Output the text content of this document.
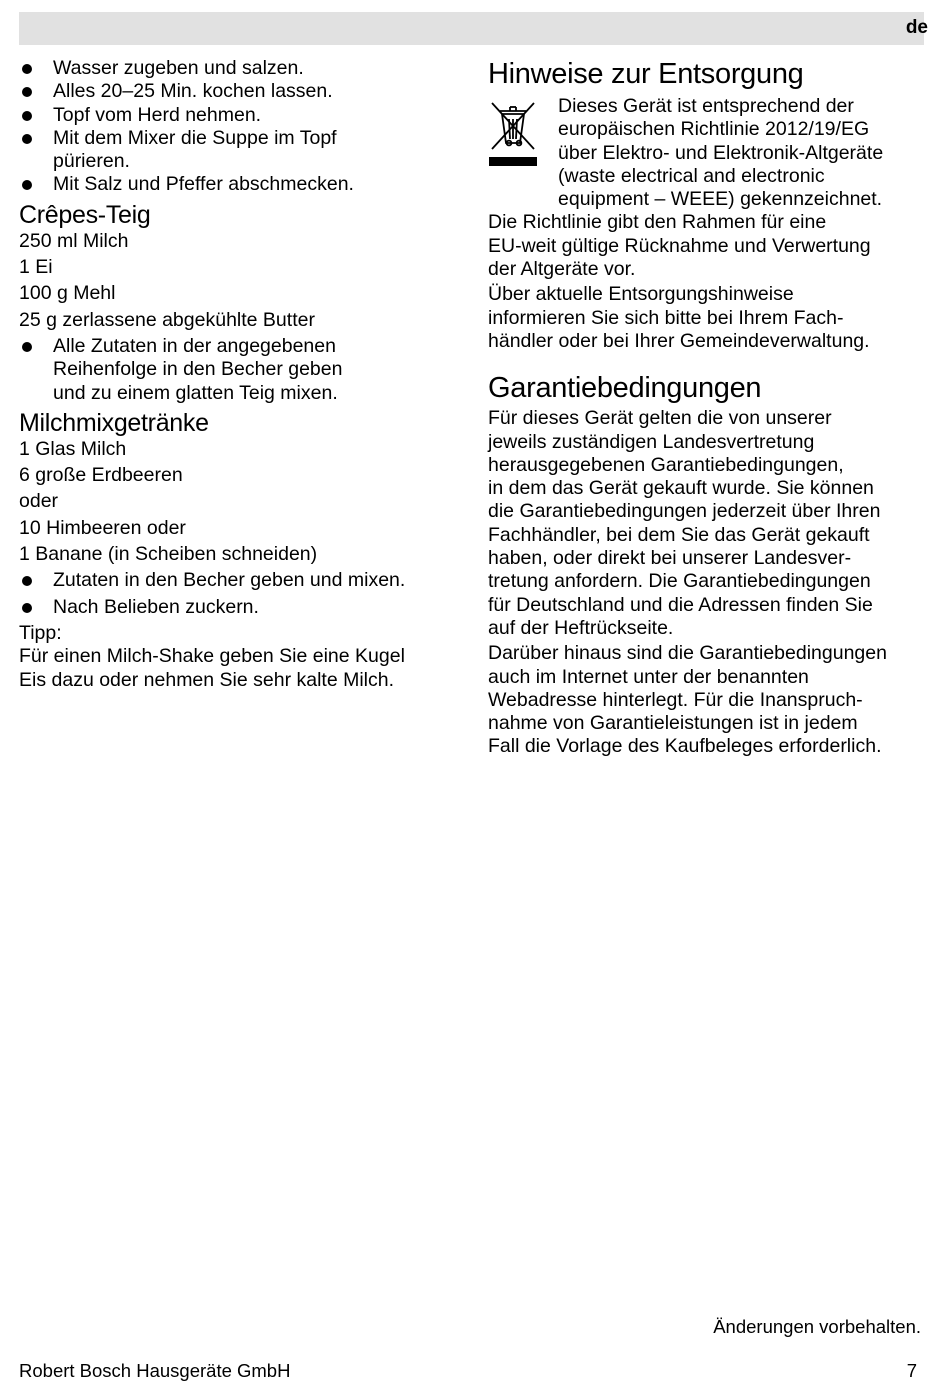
de
Wasser zugeben und salzen.
Alles 20–25 Min. kochen lassen.
Topf vom Herd nehmen.
Mit dem Mixer die Suppe im Topf
pürieren.
Mit Salz und Pfeffer abschmecken.
Crêpes-Teig
250 ml Milch
1 Ei
100 g Mehl
25 g zerlassene abgekühlte Butter
Alle Zutaten in der angegebenen
Reihenfolge in den Becher geben
und zu einem glatten Teig mixen.
Milchmixgetränke
1 Glas Milch
6 große Erdbeeren
oder
10 Himbeeren oder
1 Banane (in Scheiben schneiden)
Zutaten in den Becher geben und mixen.
Nach Belieben zuckern.
Tipp:
Für einen Milch-Shake geben Sie eine Kugel
Eis dazu oder nehmen Sie sehr kalte Milch.
Hinweise zur Entsorgung
Dieses Gerät ist entsprechend der
europäischen Richtlinie 2012/19/EG
über Elektro- und Elektronik-Altgeräte
(waste electrical and electronic
equipment – WEEE) gekennzeichnet.
Die Richtlinie gibt den Rahmen für eine
EU-weit gültige Rücknahme und Verwertung
der Altgeräte vor.
Über aktuelle Entsorgungshinweise
informieren Sie sich bitte bei Ihrem Fach-
händler oder bei Ihrer Gemeindeverwaltung.
Garantiebedingungen
Für dieses Gerät gelten die von unserer
jeweils zuständigen Landesvertretung
herausgegebenen Garantiebedingungen,
in dem das Gerät gekauft wurde. Sie können
die Garantiebedingungen jederzeit über Ihren
Fachhändler, bei dem Sie das Gerät gekauft
haben, oder direkt bei unserer Landesver-
tretung anfordern. Die Garantiebedingungen
für Deutschland und die Adressen finden Sie
auf der Heftrückseite.
Darüber hinaus sind die Garantiebedingungen
auch im Internet unter der benannten
Webadresse hinterlegt. Für die Inanspruch-
nahme von Garantieleistungen ist in jedem
Fall die Vorlage des Kaufbeleges erforderlich.
Änderungen vorbehalten.
Robert Bosch Hausgeräte GmbH	7
